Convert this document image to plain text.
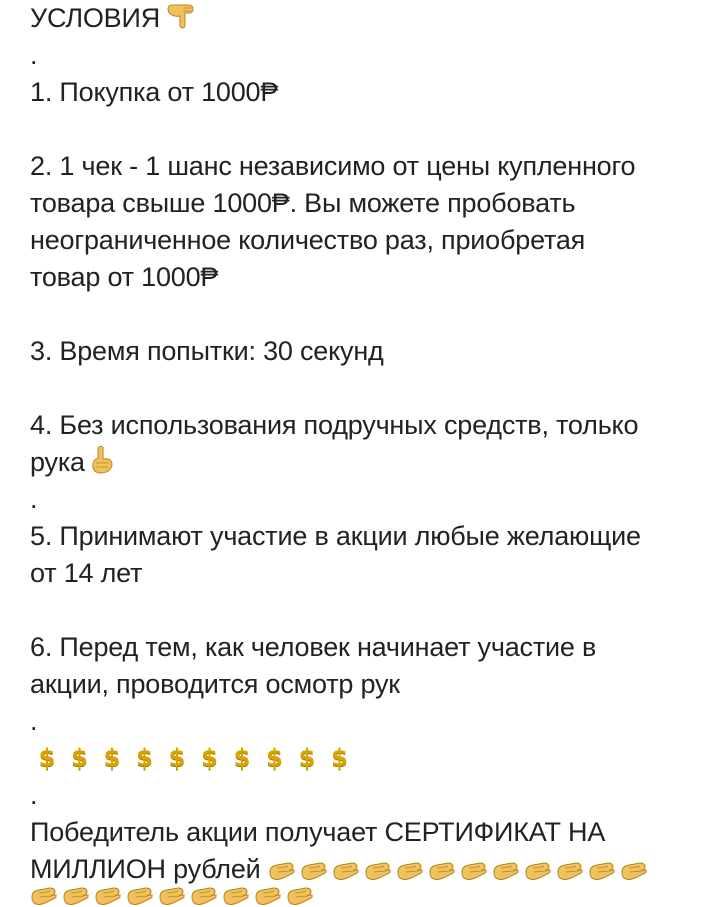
УСЛОВИЯ
.
1. Покупка от 1000₱
2. 1 чек - 1 шанс независимо от цены купленного
товара свыше 1000₱. Вы можете пробовать
неограниченное количество раз, приобретая
товар от 1000₱
3. Время попытки: 30 секунд
4. Без использования подручных средств, только
рука
.
5. Принимают участие в акции любые желающие
от 14 лет
6. Перед тем, как человек начинает участие в
акции, проводится осмотр рук
.
$ $ $ $ $ $ $ $ $ $
.
Победитель акции получает СЕРТИФИКАТ НА
МИЛЛИОН рублей
